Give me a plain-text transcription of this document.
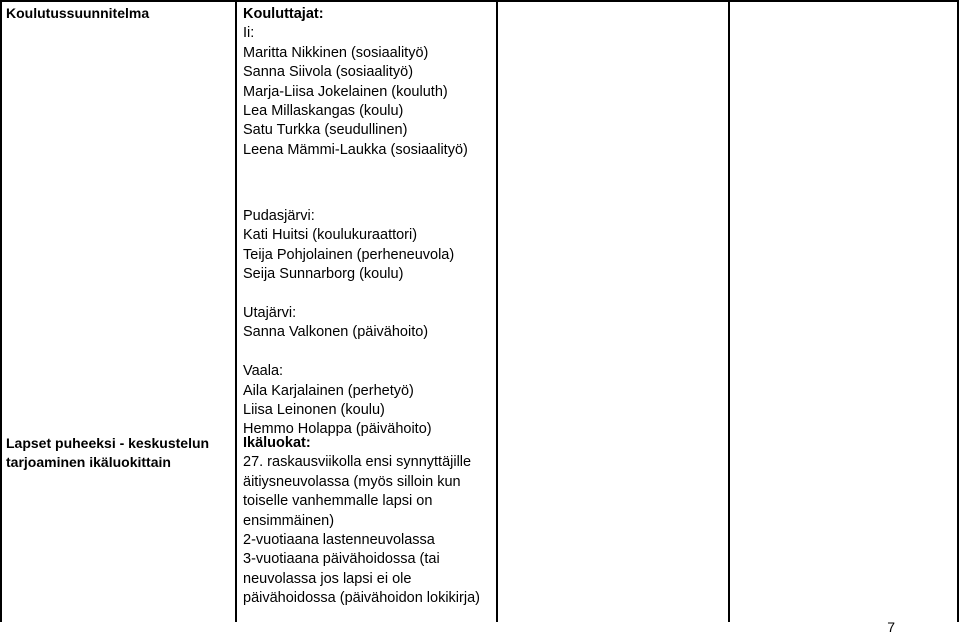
Koulutussuunnitelma	Kouluttajat:
Ii:
Maritta Nikkinen (sosiaalityö)
Sanna Siivola (sosiaalityö)
Marja-Liisa Jokelainen (kouluth)
Lea Millaskangas (koulu)
Satu Turkka (seudullinen)
Leena Mämmi-Laukka (sosiaalityö)
Pudasjärvi:
Kati Huitsi (koulukuraattori)
Teija Pohjolainen (perheneuvola)
Seija Sunnarborg (koulu)
Utajärvi:
Sanna Valkonen (päivähoito)
Vaala:
Aila Karjalainen (perhetyö)
Liisa Leinonen (koulu)
Hemmo Holappa (päivähoito)
Lapset puheeksi - keskustelun
tarjoaminen ikäluokittain
Ikäluokat:
27. raskausviikolla ensi synnyttäjille
äitiysneuvolassa (myös silloin kun
toiselle vanhemmalle lapsi on
ensimmäinen)
2-vuotiaana lastenneuvolassa
3-vuotiaana päivähoidossa (tai
neuvolassa jos lapsi ei ole
päivähoidossa (päivähoidon lokikirja)
7
